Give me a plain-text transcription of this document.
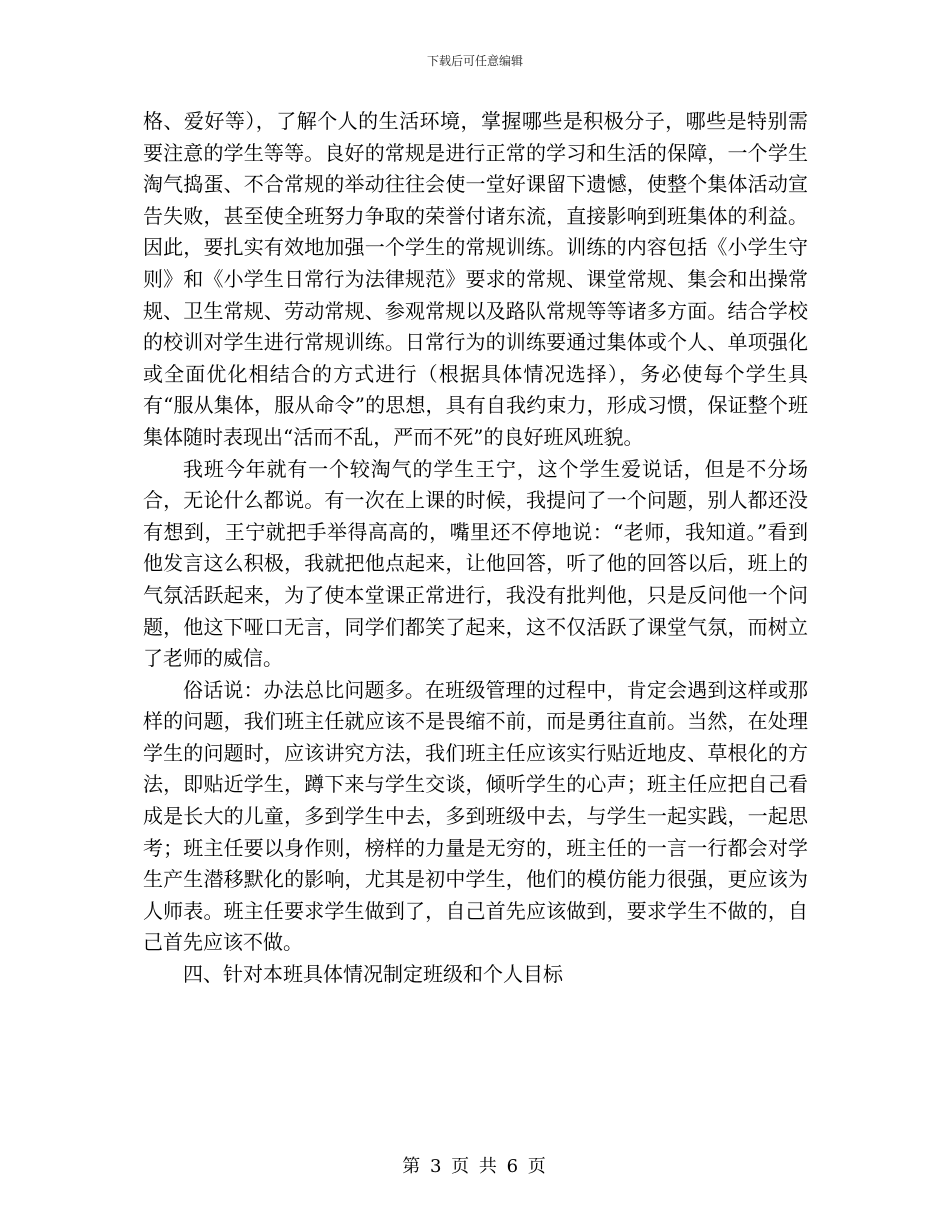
下载后可任意编辑

格、爱好等），了解个人的生活环境，掌握哪些是积极分子，哪些是特别需要注意的学生等等。良好的常规是进行正常的学习和生活的保障，一个学生淘气捣蛋、不合常规的举动往往会使一堂好课留下遗憾，使整个集体活动宣告失败，甚至使全班努力争取的荣誉付诸东流，直接影响到班集体的利益。因此，要扎实有效地加强一个学生的常规训练。训练的内容包括《小学生守则》和《小学生日常行为法律规范》要求的常规、课堂常规、集会和出操常规、卫生常规、劳动常规、参观常规以及路队常规等等诸多方面。结合学校的校训对学生进行常规训练。日常行为的训练要通过集体或个人、单项强化或全面优化相结合的方式进行（根据具体情况选择），务必使每个学生具有“服从集体，服从命令”的思想，具有自我约束力，形成习惯，保证整个班集体随时表现出“活而不乱，严而不死”的良好班风班貌。

我班今年就有一个较淘气的学生王宁，这个学生爱说话，但是不分场合，无论什么都说。有一次在上课的时候，我提问了一个问题，别人都还没有想到，王宁就把手举得高高的，嘴里还不停地说：“老师，我知道。”看到他发言这么积极，我就把他点起来，让他回答，听了他的回答以后，班上的气氛活跃起来，为了使本堂课正常进行，我没有批判他，只是反问他一个问题，他这下哑口无言，同学们都笑了起来，这不仅活跃了课堂气氛，而树立了老师的威信。

俗话说：办法总比问题多。在班级管理的过程中，肯定会遇到这样或那样的问题，我们班主任就应该不是畏缩不前，而是勇往直前。当然，在处理学生的问题时，应该讲究方法，我们班主任应该实行贴近地皮、草根化的方法，即贴近学生，蹲下来与学生交谈，倾听学生的心声；班主任应把自己看成是长大的儿童，多到学生中去，多到班级中去，与学生一起实践，一起思考；班主任要以身作则，榜样的力量是无穷的，班主任的一言一行都会对学生产生潜移默化的影响，尤其是初中学生，他们的模仿能力很强，更应该为人师表。班主任要求学生做到了，自己首先应该做到，要求学生不做的，自己首先应该不做。

四、针对本班具体情况制定班级和个人目标

第 3 页 共 6 页
